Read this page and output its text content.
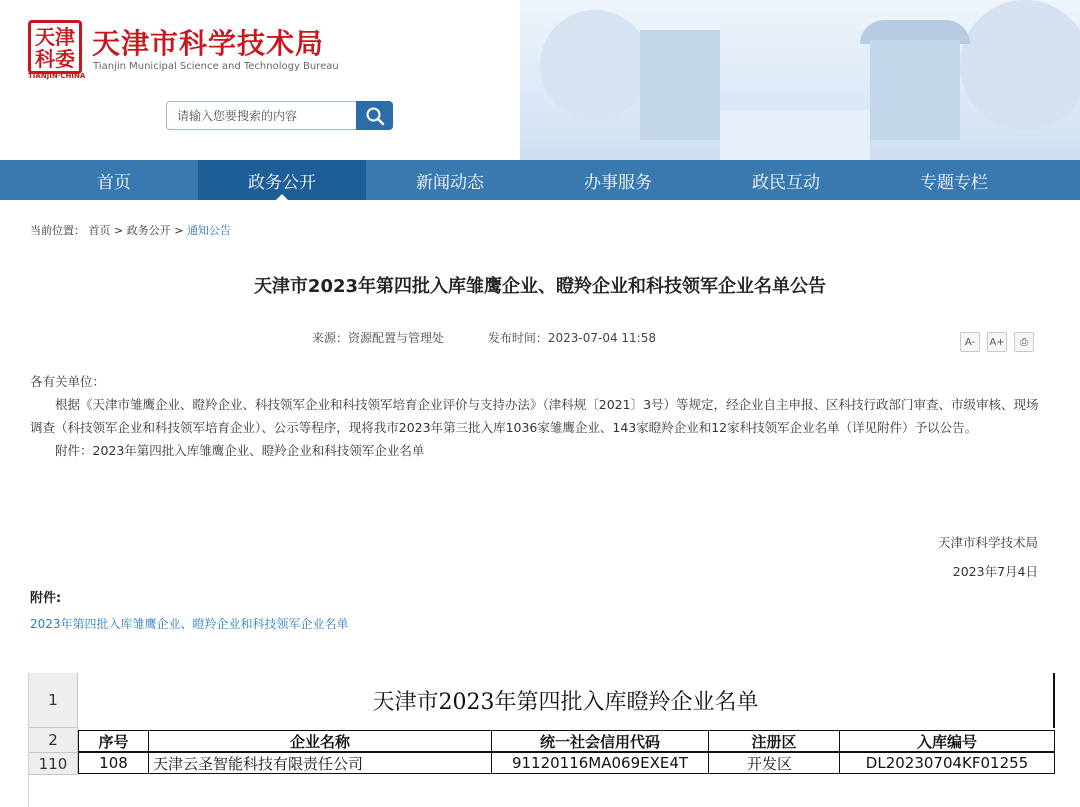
天津
科委
TIANJIN·CHINA
天津市科学技术局
Tianjin Municipal Science and Technology Bureau
请输入您要搜索的内容
首页	政务公开	新闻动态	办事服务	政民互动	专题专栏
当前位置： 首页 > 政务公开 > 通知公告
天津市2023年第四批入库雏鹰企业、瞪羚企业和科技领军企业名单公告
来源：资源配置与管理处	发布时间：2023-07-04 11:58	A-	A+	⎙

各有关单位：

根据《天津市雏鹰企业、瞪羚企业、科技领军企业和科技领军培育企业评价与支持办法》（津科规〔2021〕3号）等规定，经企业自主申报、区科技行政部门审查、市级审核、现场调查（科技领军企业和科技领军培育企业）、公示等程序，现将我市2023年第三批入库1036家雏鹰企业、143家瞪羚企业和12家科技领军企业名单（详见附件）予以公告。

附件：2023年第四批入库雏鹰企业、瞪羚企业和科技领军企业名单

天津市科学技术局
2023年7月4日
附件:
2023年第四批入库雏鹰企业、瞪羚企业和科技领军企业名单
1
2
110
天津市2023年第四批入库瞪羚企业名单
序号	企业名称	统一社会信用代码	注册区	入库编号
108	天津云圣智能科技有限责任公司	91120116MA069EXE4T	开发区	DL20230704KF01255
